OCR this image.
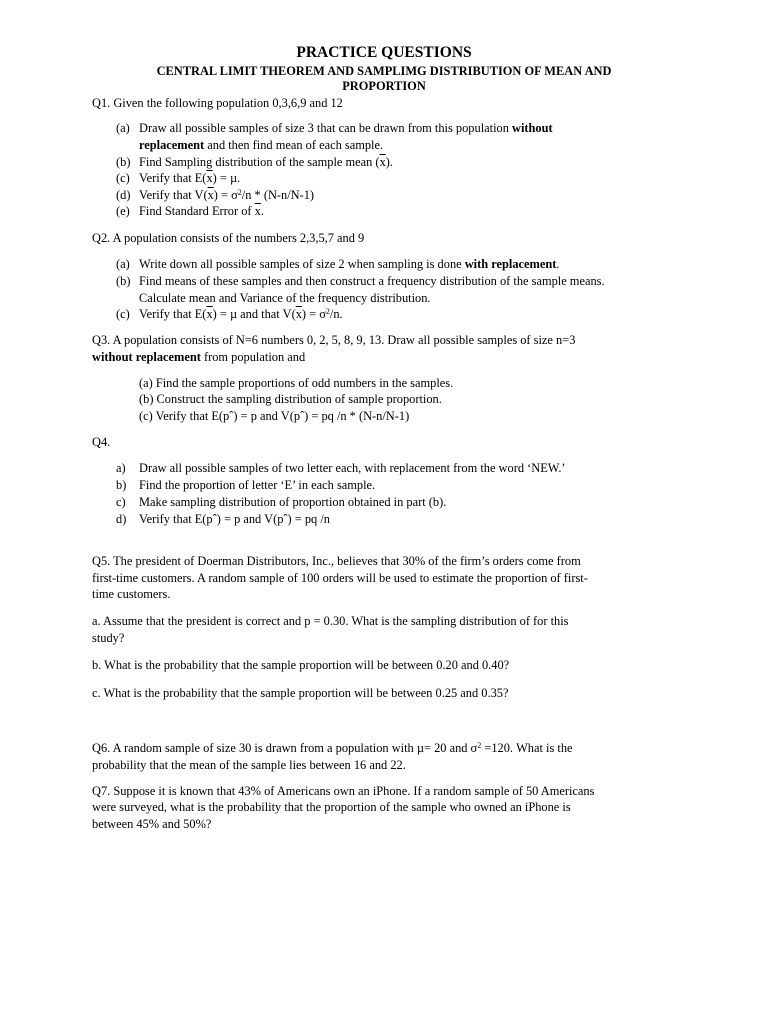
PRACTICE QUESTIONS
CENTRAL LIMIT THEOREM AND SAMPLIMG DISTRIBUTION OF MEAN AND
PROPORTION
Q1. Given the following population 0,3,6,9 and 12
(a) Draw all possible samples of size 3 that can be drawn from this population without
replacement and then find mean of each sample.
(b) Find Sampling distribution of the sample mean $(\overline{x})$.
(c) Verify that $E(\overline{x}) = \mu$.
(d) Verify that $V(\overline{x}) = \sigma^2/n * (N-n/N-1)$
(e) Find Standard Error of $\overline{x}$.
Q2. A population consists of the numbers 2,3,5,7 and 9
(a) Write down all possible samples of size 2 when sampling is done with replacement.
(b) Find means of these samples and then construct a frequency distribution of the sample means.
Calculate mean and Variance of the frequency distribution.
(c) Verify that $E(\overline{x}) = \mu$ and that $V(\overline{x}) = \sigma^2/n$.
Q3. A population consists of N=6 numbers 0, 2, 5, 8, 9, 13. Draw all possible samples of size n=3
without replacement from population and
(a) Find the sample proportions of odd numbers in the samples.
(b) Construct the sampling distribution of sample proportion.
(c) Verify that E(pˆ) = p and V(pˆ) = pq /n * (N-n/N-1)
Q4.
a) Draw all possible samples of two letter each, with replacement from the word ‘NEW.’
b) Find the proportion of letter ‘E’ in each sample.
c) Make sampling distribution of proportion obtained in part (b).
d) Verify that E(pˆ) = p and V(pˆ) = pq /n
Q5. The president of Doerman Distributors, Inc., believes that 30% of the firm’s orders come from
first-time customers. A random sample of 100 orders will be used to estimate the proportion of first-
time customers.
a. Assume that the president is correct and p = 0.30. What is the sampling distribution of for this
study?
b. What is the probability that the sample proportion will be between 0.20 and 0.40?
c. What is the probability that the sample proportion will be between 0.25 and 0.35?
Q6. A random sample of size 30 is drawn from a population with µ= 20 and $\sigma^2 =120$. What is the
probability that the mean of the sample lies between 16 and 22.
Q7. Suppose it is known that 43% of Americans own an iPhone. If a random sample of 50 Americans
were surveyed, what is the probability that the proportion of the sample who owned an iPhone is
between 45% and 50%?
